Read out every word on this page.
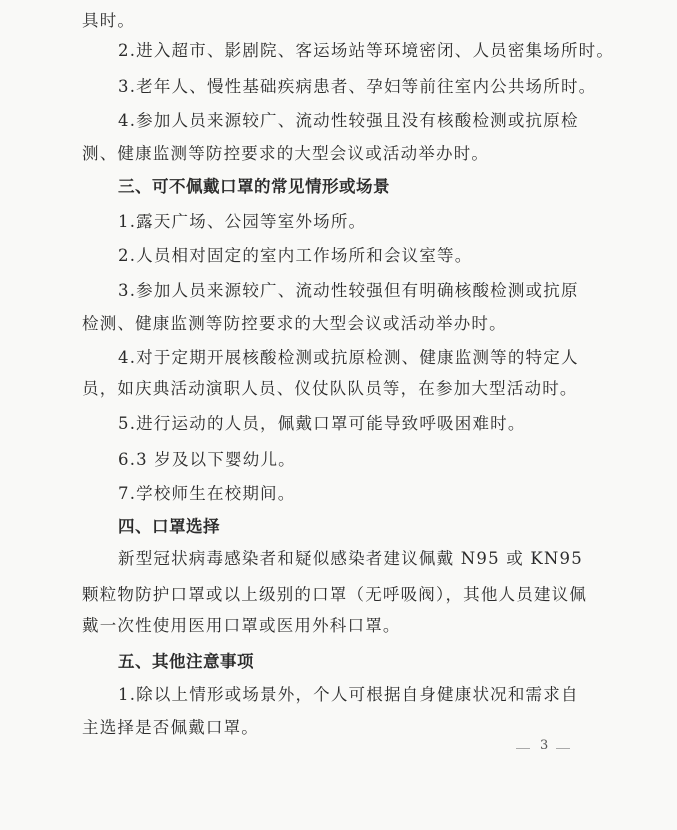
具时。
2.进入超市、影剧院、客运场站等环境密闭、人员密集场所时。
3.老年人、慢性基础疾病患者、孕妇等前往室内公共场所时。
4.参加人员来源较广、流动性较强且没有核酸检测或抗原检
测、健康监测等防控要求的大型会议或活动举办时。
三、可不佩戴口罩的常见情形或场景
1.露天广场、公园等室外场所。
2.人员相对固定的室内工作场所和会议室等。
3.参加人员来源较广、流动性较强但有明确核酸检测或抗原
检测、健康监测等防控要求的大型会议或活动举办时。
4.对于定期开展核酸检测或抗原检测、健康监测等的特定人
员，如庆典活动演职人员、仪仗队队员等，在参加大型活动时。
5.进行运动的人员，佩戴口罩可能导致呼吸困难时。
6.3 岁及以下婴幼儿。
7.学校师生在校期间。
四、口罩选择
新型冠状病毒感染者和疑似感染者建议佩戴 N95 或 KN95
颗粒物防护口罩或以上级别的口罩（无呼吸阀），其他人员建议佩
戴一次性使用医用口罩或医用外科口罩。
五、其他注意事项
1.除以上情形或场景外，个人可根据自身健康状况和需求自
主选择是否佩戴口罩。
3
